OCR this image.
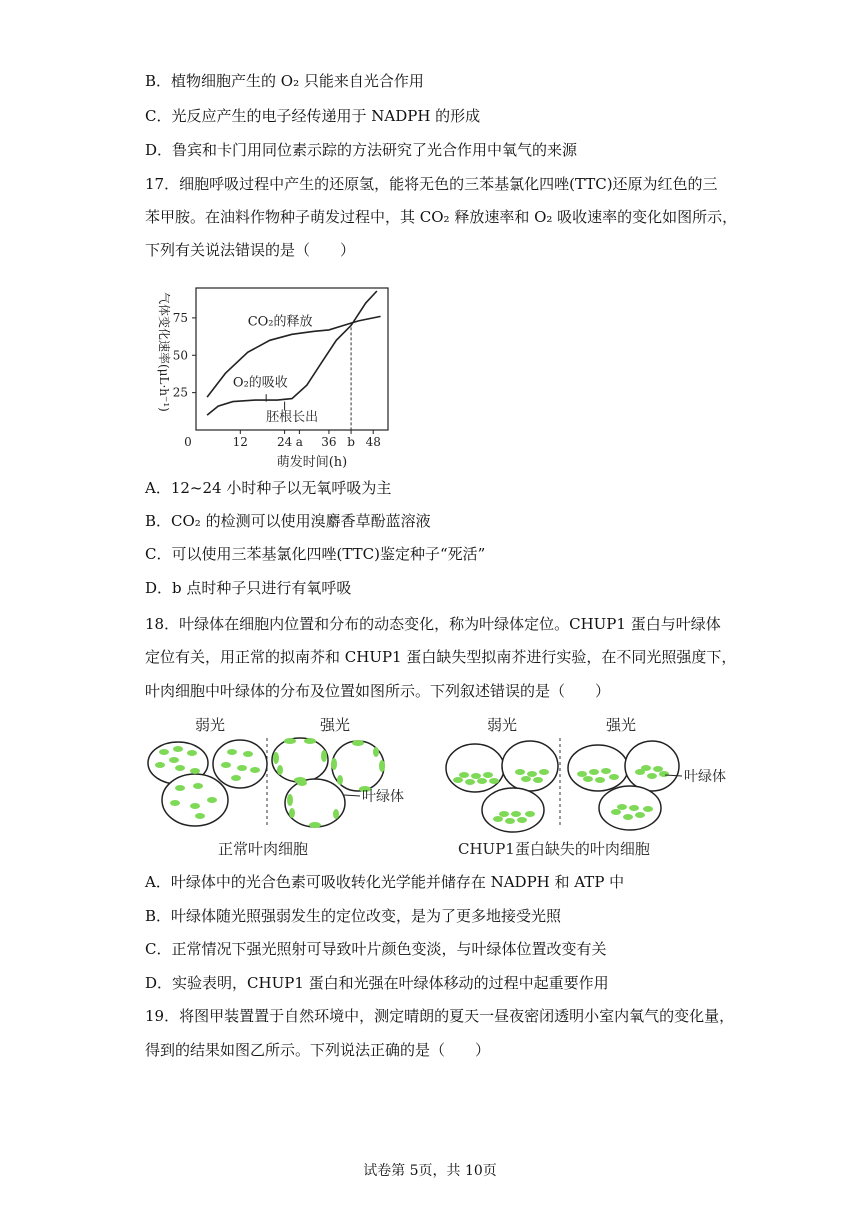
B．植物细胞产生的 O₂ 只能来自光合作用
C．光反应产生的电子经传递用于 NADPH 的形成
D．鲁宾和卡门用同位素示踪的方法研究了光合作用中氧气的来源
17．细胞呼吸过程中产生的还原氢，能将无色的三苯基氯化四唑(TTC)还原为红色的三
苯甲胺。在油料作物种子萌发过程中，其 CO₂ 释放速率和 O₂ 吸收速率的变化如图所示，
下列有关说法错误的是（　　）
25
50
75
0	12 24 a 36 b 48
CO₂的释放
O₂的吸收
胚根长出
萌发时间(h)
气体变化速率(μL·h⁻¹)
A．12~24 小时种子以无氧呼吸为主
B．CO₂ 的检测可以使用溴麝香草酚蓝溶液
C．可以使用三苯基氯化四唑(TTC)鉴定种子“死活”
D．b 点时种子只进行有氧呼吸
18．叶绿体在细胞内位置和分布的动态变化，称为叶绿体定位。CHUP1 蛋白与叶绿体
定位有关，用正常的拟南芥和 CHUP1 蛋白缺失型拟南芥进行实验，在不同光照强度下，
叶肉细胞中叶绿体的分布及位置如图所示。下列叙述错误的是（　　）
弱光	强光	弱光	强光
叶绿体
叶绿体
正常叶肉细胞	CHUP1蛋白缺失的叶肉细胞
A．叶绿体中的光合色素可吸收转化光学能并储存在 NADPH 和 ATP 中
B．叶绿体随光照强弱发生的定位改变，是为了更多地接受光照
C．正常情况下强光照射可导致叶片颜色变淡，与叶绿体位置改变有关
D．实验表明，CHUP1 蛋白和光强在叶绿体移动的过程中起重要作用
19．将图甲装置置于自然环境中，测定晴朗的夏天一昼夜密闭透明小室内氧气的变化量，
得到的结果如图乙所示。下列说法正确的是（　　）
试卷第 5页，共 10页
